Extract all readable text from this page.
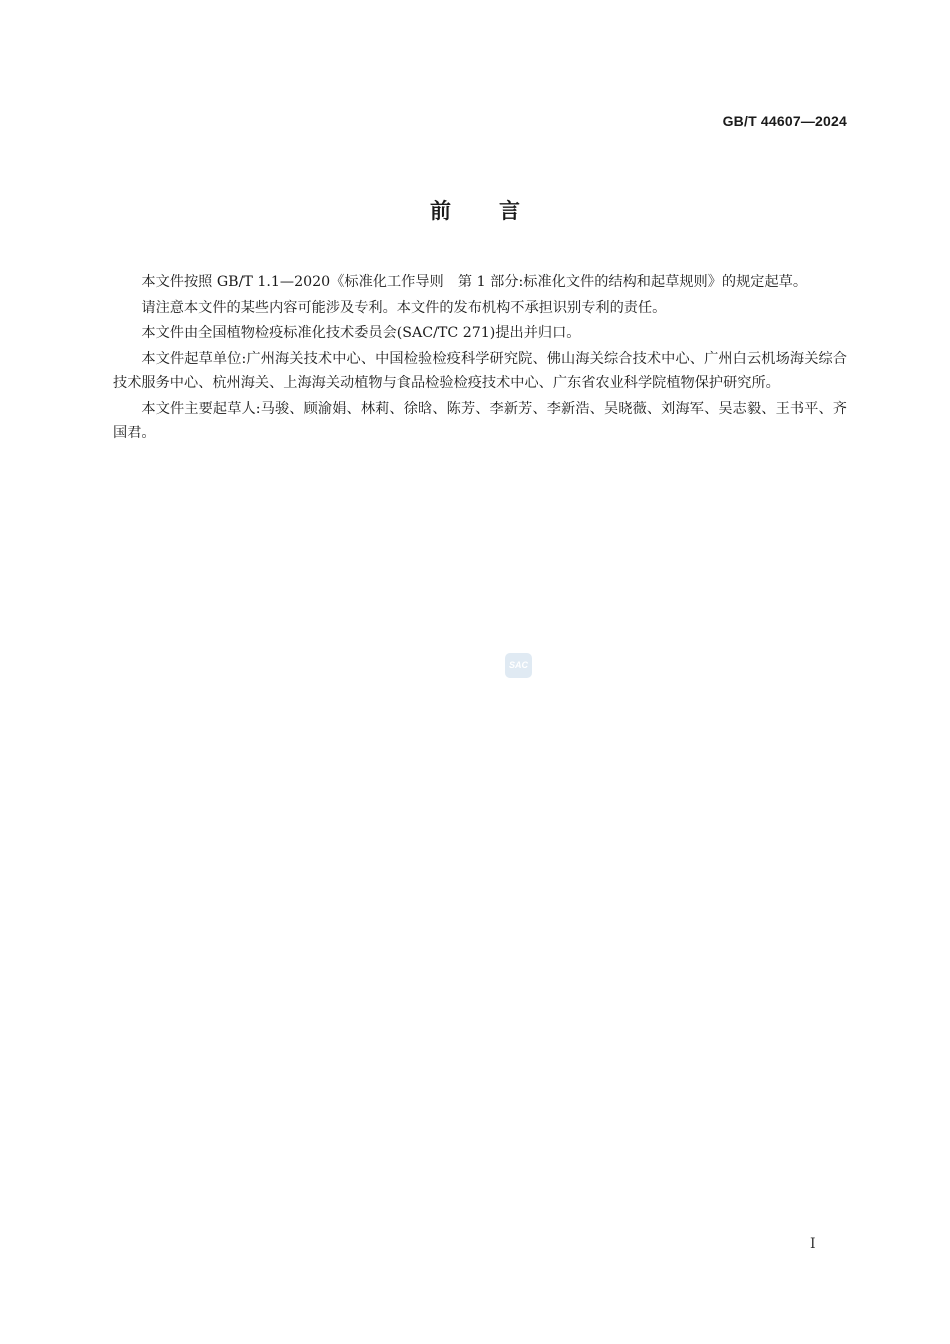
GB/T 44607—2024
前 言

本文件按照 GB/T 1.1—2020《标准化工作导则　第 1 部分:标准化文件的结构和起草规则》的规定起草。

请注意本文件的某些内容可能涉及专利。本文件的发布机构不承担识别专利的责任。

本文件由全国植物检疫标准化技术委员会(SAC/TC 271)提出并归口。

本文件起草单位:广州海关技术中心、中国检验检疫科学研究院、佛山海关综合技术中心、广州白云机场海关综合技术服务中心、杭州海关、上海海关动植物与食品检验检疫技术中心、广东省农业科学院植物保护研究所。

本文件主要起草人:马骏、顾渝娟、林莉、徐晗、陈芳、李新芳、李新浩、吴晓薇、刘海军、吴志毅、王书平、齐国君。

SAC
I
